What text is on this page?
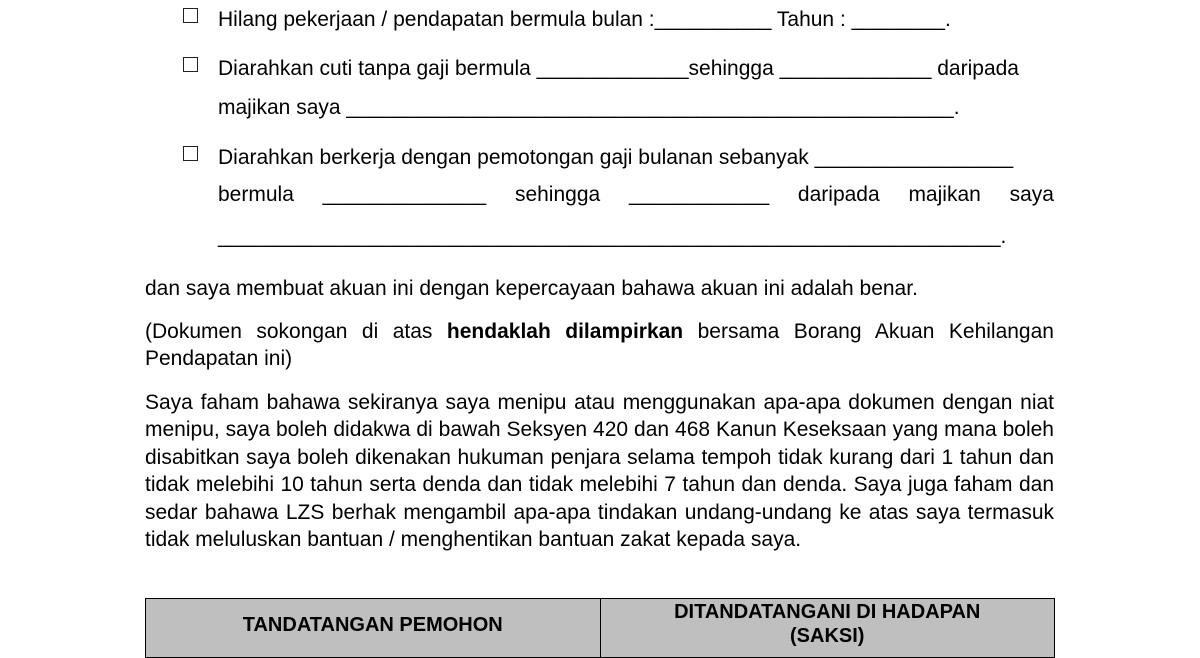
Hilang pekerjaan / pendapatan bermula bulan :__________ Tahun : ________.
Diarahkan cuti tanpa gaji bermula _____________sehingga _____________ daripada
majikan saya ____________________________________________________.
Diarahkan berkerja dengan pemotongan gaji bulanan sebanyak _________________
bermula ______________ sehingga ____________ daripada majikan saya
___________________________________________________________________.

dan saya membuat akuan ini dengan kepercayaan bahawa akuan ini adalah benar.

(Dokumen sokongan di atas hendaklah dilampirkan bersama Borang Akuan Kehilangan Pendapatan ini)

Saya faham bahawa sekiranya saya menipu atau menggunakan apa-apa dokumen dengan niat menipu, saya boleh didakwa di bawah Seksyen 420 dan 468 Kanun Keseksaan yang mana boleh disabitkan saya boleh dikenakan hukuman penjara selama tempoh tidak kurang dari 1 tahun dan tidak melebihi 10 tahun serta denda dan tidak melebihi 7 tahun dan denda. Saya juga faham dan sedar bahawa LZS berhak mengambil apa-apa tindakan undang-undang ke atas saya termasuk tidak meluluskan bantuan / menghentikan bantuan zakat kepada saya.

TANDATANGAN PEMOHON
DITANDATANGANI DI HADAPAN
(SAKSI)
